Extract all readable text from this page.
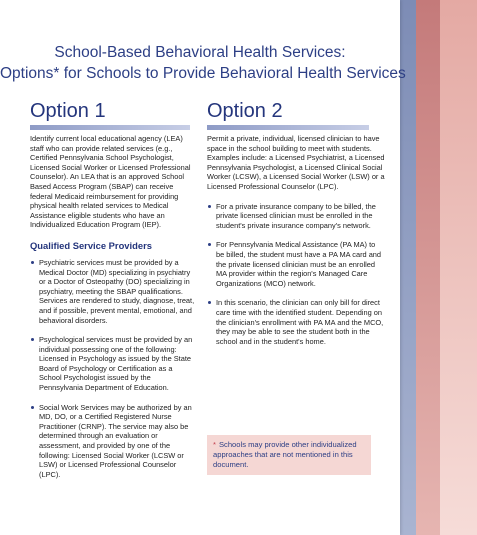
School-Based Behavioral Health Services:
Options* for Schools to Provide Behavioral Health Services
Option 1

Identify current local educational agency (LEA) staff who can provide related services (e.g., Certified Pennsylvania School Psychologist, Licensed Social Worker or Licensed Professional Counselor). An LEA that is an approved School Based Access Program (SBAP) can receive federal Medicaid reimbursement for providing physical health related services to Medical Assistance eligible students who have an Individualized Education Program (IEP).

Qualified Service Providers
Psychiatric services must be provided by a Medical Doctor (MD) specializing in psychiatry or a Doctor of Osteopathy (DO) specializing in psychiatry, meeting the SBAP qualifications. Services are rendered to study, diagnose, treat, and if possible, prevent mental, emotional, and behavioral disorders.
Psychological services must be provided by an individual possessing one of the following: Licensed in Psychology as issued by the State Board of Psychology or Certification as a School Psychologist issued by the Pennsylvania Department of Education.
Social Work Services may be authorized by an MD, DO, or a Certified Registered Nurse Practitioner (CRNP). The service may also be determined through an evaluation or assessment, and provided by one of the following: Licensed Social Worker (LCSW or LSW) or Licensed Professional Counselor (LPC).
Option 2

Permit a private, individual, licensed clinician to have space in the school building to meet with students. Examples include: a Licensed Psychiatrist, a Licensed Pennsylvania Psychologist, a Licensed Clinical Social Worker (LCSW), a Licensed Social Worker (LSW) or a Licensed Professional Counselor (LPC).

For a private insurance company to be billed, the private licensed clinician must be enrolled in the student's private insurance company's network.
For Pennsylvania Medical Assistance (PA MA) to be billed, the student must have a PA MA card and the private licensed clinician must be an enrolled MA provider within the region's Managed Care Organizations (MCO) network.
In this scenario, the clinician can only bill for direct care time with the identified student. Depending on the clinician's enrollment with PA MA and the MCO, they may be able to see the student both in the school and in the student's home.
* Schools may provide other individualized approaches that are not mentioned in this document.
